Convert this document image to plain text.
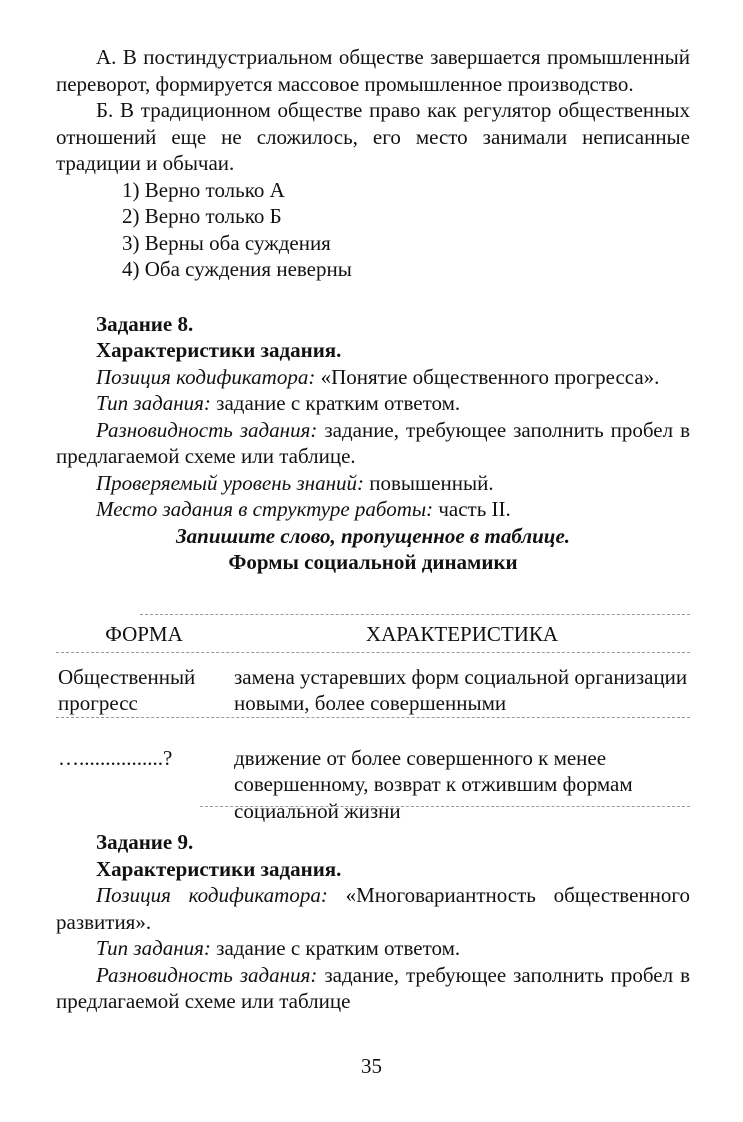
А. В постиндустриальном обществе завершается промышленный переворот, формируется массовое промышленное производство.

Б. В традиционном обществе право как регулятор общественных отношений еще не сложилось, его место занимали неписанные традиции и обычаи.

1) Верно только А

2) Верно только Б

3) Верны оба суждения

4) Оба суждения неверны

Задание 8.

Характеристики задания.

Позиция кодификатора: «Понятие общественного прогресса».

Тип задания: задание с кратким ответом.

Разновидность задания: задание, требующее заполнить пробел в предлагаемой схеме или таблице.

Проверяемый уровень знаний: повышенный.

Место задания в структуре работы: часть II.

Запишите слово, пропущенное в таблице.

Формы социальной динамики

ФОРМА	ХАРАКТЕРИСТИКА
Общественный прогресс	замена устаревших форм социальной организации новыми, более совершенными
…................?	движение от более совершенного к менее совершенному, возврат к отжившим формам социальной жизни

Задание 9.

Характеристики задания.

Позиция кодификатора: «Многовариантность общественного развития».

Тип задания: задание с кратким ответом.

Разновидность задания: задание, требующее заполнить пробел в предлагаемой схеме или таблице

35
